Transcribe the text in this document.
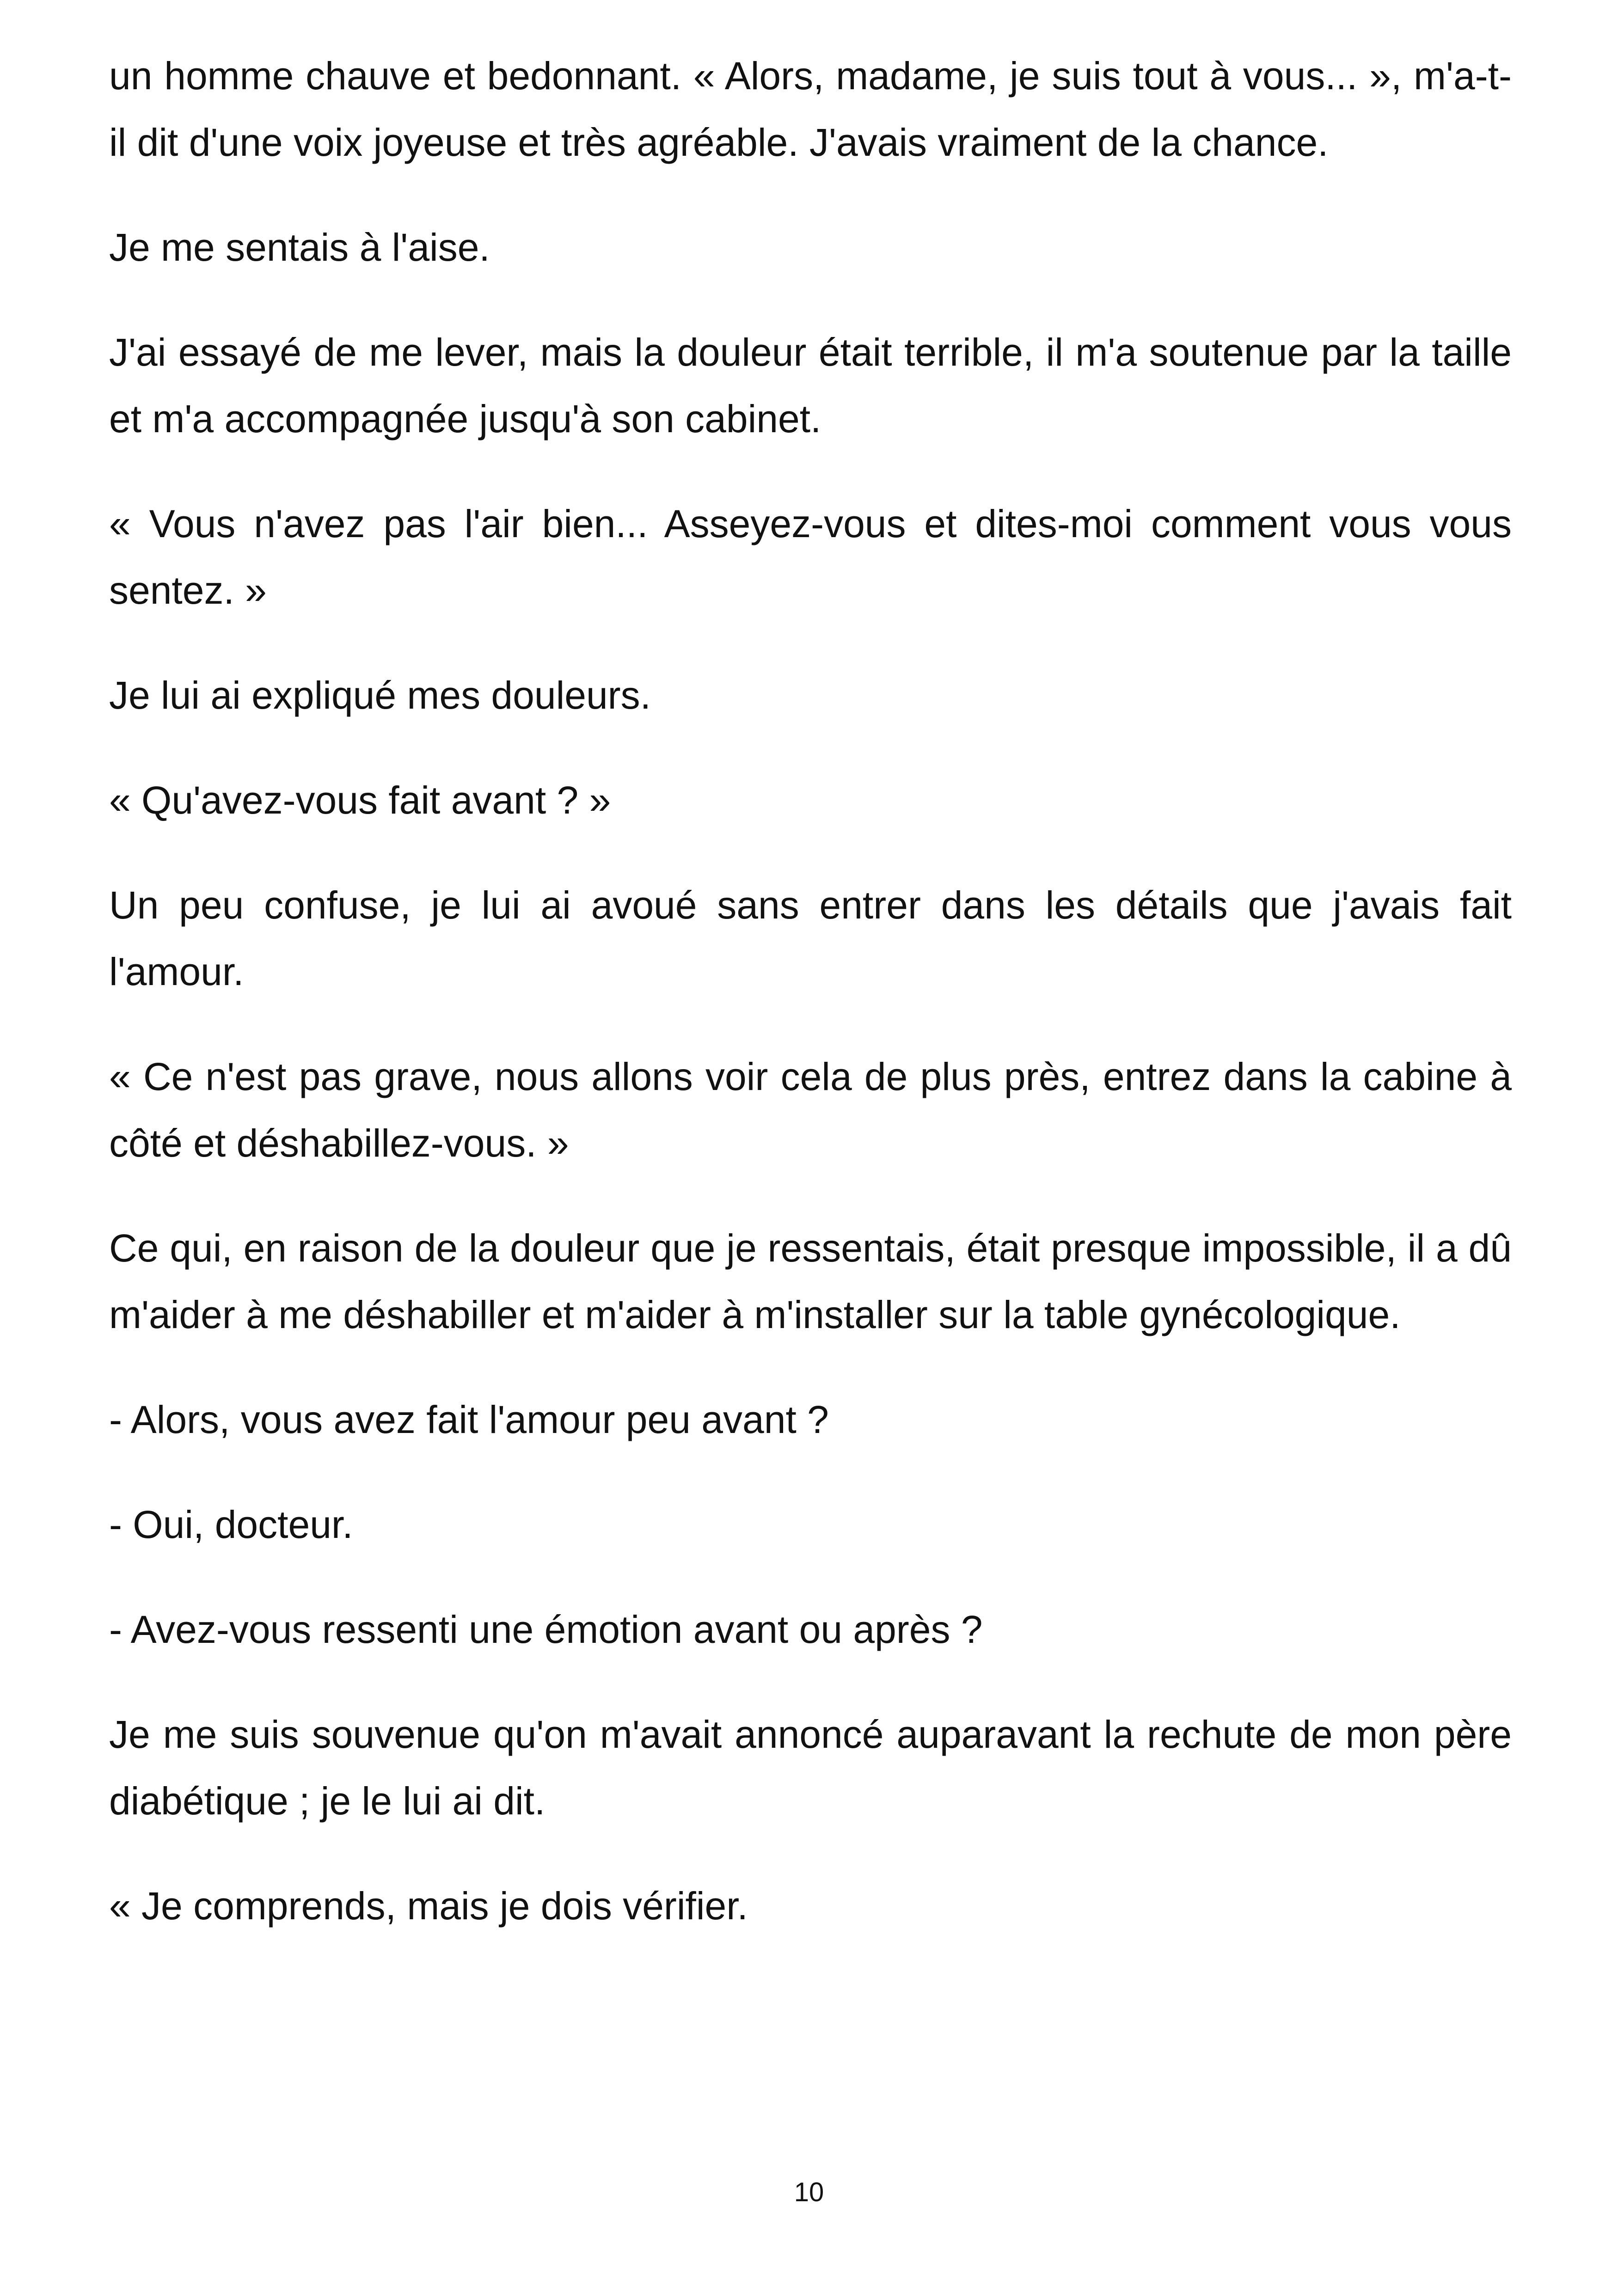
un homme chauve et bedonnant. « Alors, madame, je suis tout à vous... », m'a-t-il dit d'une voix joyeuse et très agréable. J'avais vraiment de la chance.

Je me sentais à l'aise.

J'ai essayé de me lever, mais la douleur était terrible, il m'a soutenue par la taille et m'a accompagnée jusqu'à son cabinet.

« Vous n'avez pas l'air bien... Asseyez-vous et dites-moi comment vous vous sentez. »

Je lui ai expliqué mes douleurs.

« Qu'avez-vous fait avant ? »

Un peu confuse, je lui ai avoué sans entrer dans les détails que j'avais fait l'amour.

« Ce n'est pas grave, nous allons voir cela de plus près, entrez dans la cabine à côté et déshabillez-vous. »

Ce qui, en raison de la douleur que je ressentais, était presque impossible, il a dû m'aider à me déshabiller et m'aider à m'installer sur la table gynécologique.

- Alors, vous avez fait l'amour peu avant ?

- Oui, docteur.

- Avez-vous ressenti une émotion avant ou après ?

Je me suis souvenue qu'on m'avait annoncé auparavant la rechute de mon père diabétique ; je le lui ai dit.

« Je comprends, mais je dois vérifier.

10
